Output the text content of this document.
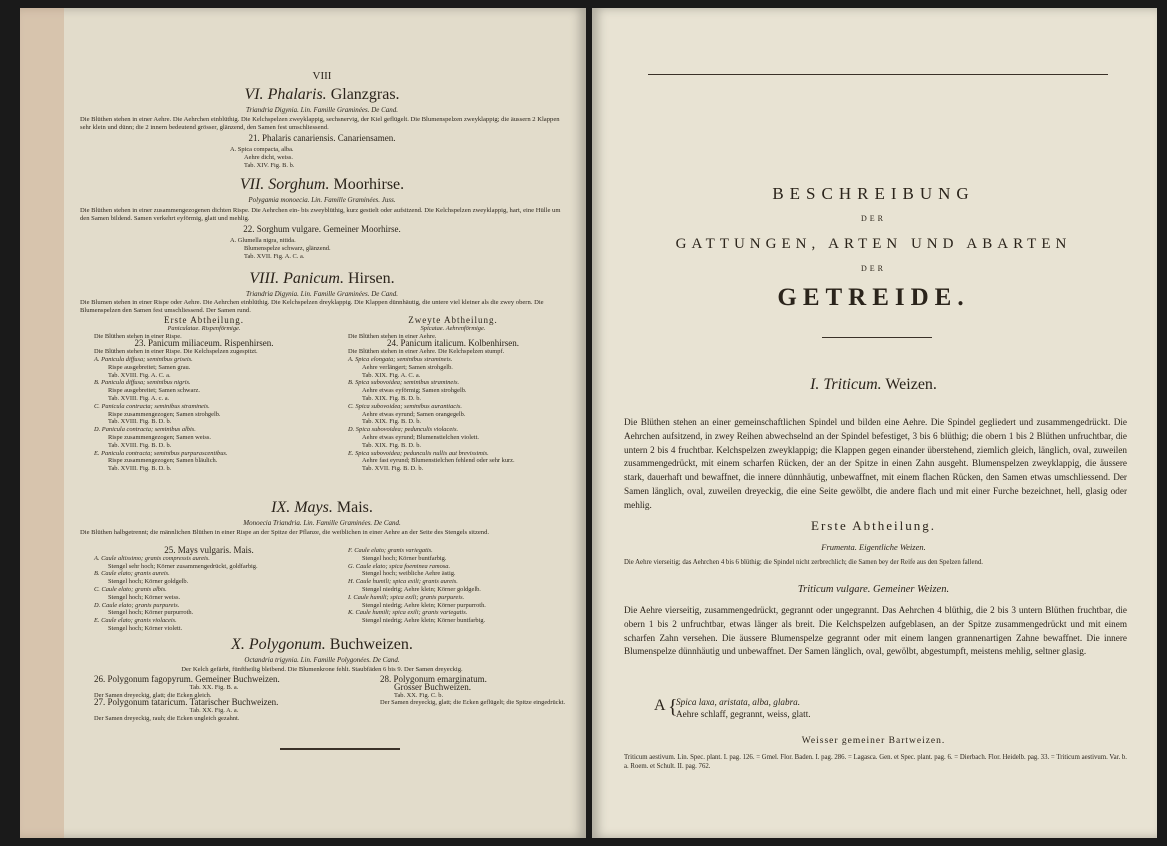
VIII
VI. Phalaris. Glanzgras.
Triandria Digynia. Lin. Famille Graminées. De Cand.
Die Blüthen stehen in einer Aehre. Die Aehrchen einblüthig. Die Kelchspelzen zweyklappig, sechsnervig, der Kiel geflügelt. Die Blumenspelzen zweyklappig; die äussern 2 Klappen sehr klein und dünn; die 2 innern bedeutend grösser, glänzend, den Samen fest umschliessend.
21. Phalaris canariensis. Canariensamen.
A. Spica compacta, alba.
Aehre dicht, weiss.
Tab. XIV. Fig. B. b.
VII. Sorghum. Moorhirse.
Polygamia monoecia. Lin. Famille Graminées. Juss.
Die Blüthen stehen in einer zusammengezogenen dichten Rispe. Die Aehrchen ein- bis zweyblüthig, kurz gestielt oder aufsitzend. Die Kelchspelzen zweyklappig, hart, eine Hülle um den Samen bildend. Samen verkehrt eyförmig, glatt und mehlig.
22. Sorghum vulgare. Gemeiner Moorhirse.
A. Glumella nigra, nitida.
Blumenspelze schwarz, glänzend.
Tab. XVII. Fig. A. C. a.
VIII. Panicum. Hirsen.
Triandria Digynia. Lin. Famille Graminées. De Cand.
Die Blumen stehen in einer Rispe oder Aehre. Die Aehrchen einblüthig. Die Kelchspelzen dreyklappig. Die Klappen dünnhäutig, die untere viel kleiner als die zwey obern. Die Blumenspelzen den Samen fest umschliessend. Der Samen rund.
Erste Abtheilung.
Paniculatae. Rispenförmige.
Die Blüthen stehen in einer Rispe.
23. Panicum miliaceum. Rispenhirsen.
Die Blüthen stehen in einer Rispe. Die Kelchspelzen zugespitzt.
A. Panicula diffusa; seminibus griseis.
Rispe ausgebreitet; Samen grau.
Tab. XVIII. Fig. A. C. a.
B. Panicula diffusa; seminibus nigris.
Rispe ausgebreitet; Samen schwarz.
Tab. XVIII. Fig. A. c. a.
C. Panicula contracta; seminibus stramineis.
Rispe zusammengezogen; Samen strohgelb.
Tab. XVIII. Fig. B. D. b.
D. Panicula contracta; seminibus albis.
Rispe zusammengezogen; Samen weiss.
Tab. XVIII. Fig. B. D. b.
E. Panicula contracta; seminibus purpurascentibus.
Rispe zusammengezogen; Samen bläulich.
Tab. XVIII. Fig. B. D. b.
Zweyte Abtheilung.
Spicatae. Aehrenförmige.
Die Blüthen stehen in einer Aehre.
24. Panicum italicum. Kolbenhirsen.
Die Blüthen stehen in einer Aehre. Die Kelchspelzen stumpf.
A. Spica elongata; seminibus stramineis.
Aehre verlängert; Samen strohgelb.
Tab. XIX. Fig. A. C. a.
B. Spica subovoidea; seminibus stramineis.
Aehre etwas eyförmig; Samen strohgelb.
Tab. XIX. Fig. B. D. b.
C. Spica subovoidea; seminibus aurantiacis.
Aehre etwas eyrund; Samen orangegelb.
Tab. XIX. Fig. B. D. b.
D. Spica subovoidea; pedunculis violaceis.
Aehre etwas eyrund; Blumenstielchen violett.
Tab. XIX. Fig. B. D. b.
E. Spica subovoidea; pedunculis nullis aut brevissimis.
Aehre fast eyrund; Blumenstielchen fehlend oder sehr kurz.
Tab. XVII. Fig. B. D. b.
IX. Mays. Mais.
Monoecia Triandria. Lin. Famille Graminées. De Cand.
Die Blüthen halbgetrennt; die männlichen Blüthen in einer Rispe an der Spitze der Pflanze, die weiblichen in einer Aehre an der Seite des Stengels sitzend.
25. Mays vulgaris. Mais.
A. Caule altissimo; granis compressis aureis.
Stengel sehr hoch; Körner zusammengedrückt, goldfarbig.
B. Caule elato; granis aureis.
Stengel hoch; Körner goldgelb.
C. Caule elato; granis albis.
Stengel hoch; Körner weiss.
D. Caule elato; granis purpureis.
Stengel hoch; Körner purpurroth.
E. Caule elato; granis violaceis.
Stengel hoch; Körner violett.
F. Caule elato; granis variegatis.
Stengel hoch; Körner buntfarbig.
G. Caule elato; spica foeminea ramosa.
Stengel hoch; weibliche Aehre ästig.
H. Caule humili; spica exili; granis aureis.
Stengel niedrig; Aehre klein; Körner goldgelb.
I. Caule humili; spica exili; granis purpureis.
Stengel niedrig; Aehre klein; Körner purpurroth.
K. Caule humili; spica exili; granis variegatis.
Stengel niedrig; Aehre klein; Körner buntfarbig.
X. Polygonum. Buchweizen.
Octandria trigynia. Lin. Famille Polygonées. De Cand.
Der Kelch gefärbt, fünftheilig bleibend. Die Blumenkrone fehlt. Staubfäden 6 bis 9. Der Samen dreyeckig.
26. Polygonum fagopyrum. Gemeiner Buchweizen.
Tab. XX. Fig. B. a.
Der Samen dreyeckig, glatt; die Ecken gleich.
27. Polygonum tataricum. Tatarischer Buchweizen.
Tab. XX. Fig. A. a.
Der Samen dreyeckig, rauh; die Ecken ungleich gezahnt.
28. Polygonum emarginatum.
Grosser Buchweizen.
Tab. XX. Fig. C. b.
Der Samen dreyeckig, glatt; die Ecken geflügelt; die Spitze eingedrückt.
BESCHREIBUNG
DER
GATTUNGEN, ARTEN UND ABARTEN
DER
GETREIDE.
I. Triticum. Weizen.
Die Blüthen stehen an einer gemeinschaftlichen Spindel und bilden eine Aehre. Die Spindel gegliedert und zusammengedrückt. Die Aehrchen aufsitzend, in zwey Reihen abwechselnd an der Spindel befestiget, 3 bis 6 blüthig; die obern 1 bis 2 Blüthen unfruchtbar, die untern 2 bis 4 fruchtbar. Kelchspelzen zweyklappig; die Klappen gegen einander überstehend, ziemlich gleich, länglich, oval, zuweilen zusammengedrückt, mit einem scharfen Rücken, der an der Spitze in einen Zahn ausgeht. Blumenspelzen zweyklappig, die äussere stark, dauerhaft und bewaffnet, die innere dünnhäutig, unbewaffnet, mit einem flachen Rücken, den Samen etwas umschliessend. Der Samen länglich, oval, zuweilen dreyeckig, die eine Seite gewölbt, die andere flach und mit einer Furche bezeichnet, hell, glasig oder mehlig.
Erste Abtheilung.
Frumenta. Eigentliche Weizen.
Die Aehre vierseitig; das Aehrchen 4 bis 6 blüthig; die Spindel nicht zerbrechlich; die Samen bey der Reife aus den Spelzen fallend.
Triticum vulgare. Gemeiner Weizen.
Die Aehre vierseitig, zusammengedrückt, gegrannt oder ungegrannt. Das Aehrchen 4 blüthig, die 2 bis 3 untern Blüthen fruchtbar, die obern 1 bis 2 unfruchtbar, etwas länger als breit. Die Kelchspelzen aufgeblasen, an der Spitze zusammengedrückt und mit einem scharfen Zahn versehen. Die äussere Blumenspelze gegrannt oder mit einem langen grannenartigen Zahne bewaffnet. Die innere Blumenspelze dünnhäutig und unbewaffnet. Der Samen länglich, oval, gewölbt, abgestumpft, meistens mehlig, seltner glasig.
A {
Spica laxa, aristata, alba, glabra.
Aehre schlaff, gegrannt, weiss, glatt.
Weisser gemeiner Bartweizen.
Triticum aestivum. Lin. Spec. plant. I. pag. 126. = Gmel. Flor. Baden. I. pag. 286. = Lagasca. Gen. et Spec. plant. pag. 6. = Dierbach. Flor. Heidelb. pag. 33. = Triticum aestivum. Var. b. a. Roem. et Schult. II. pag. 762.
